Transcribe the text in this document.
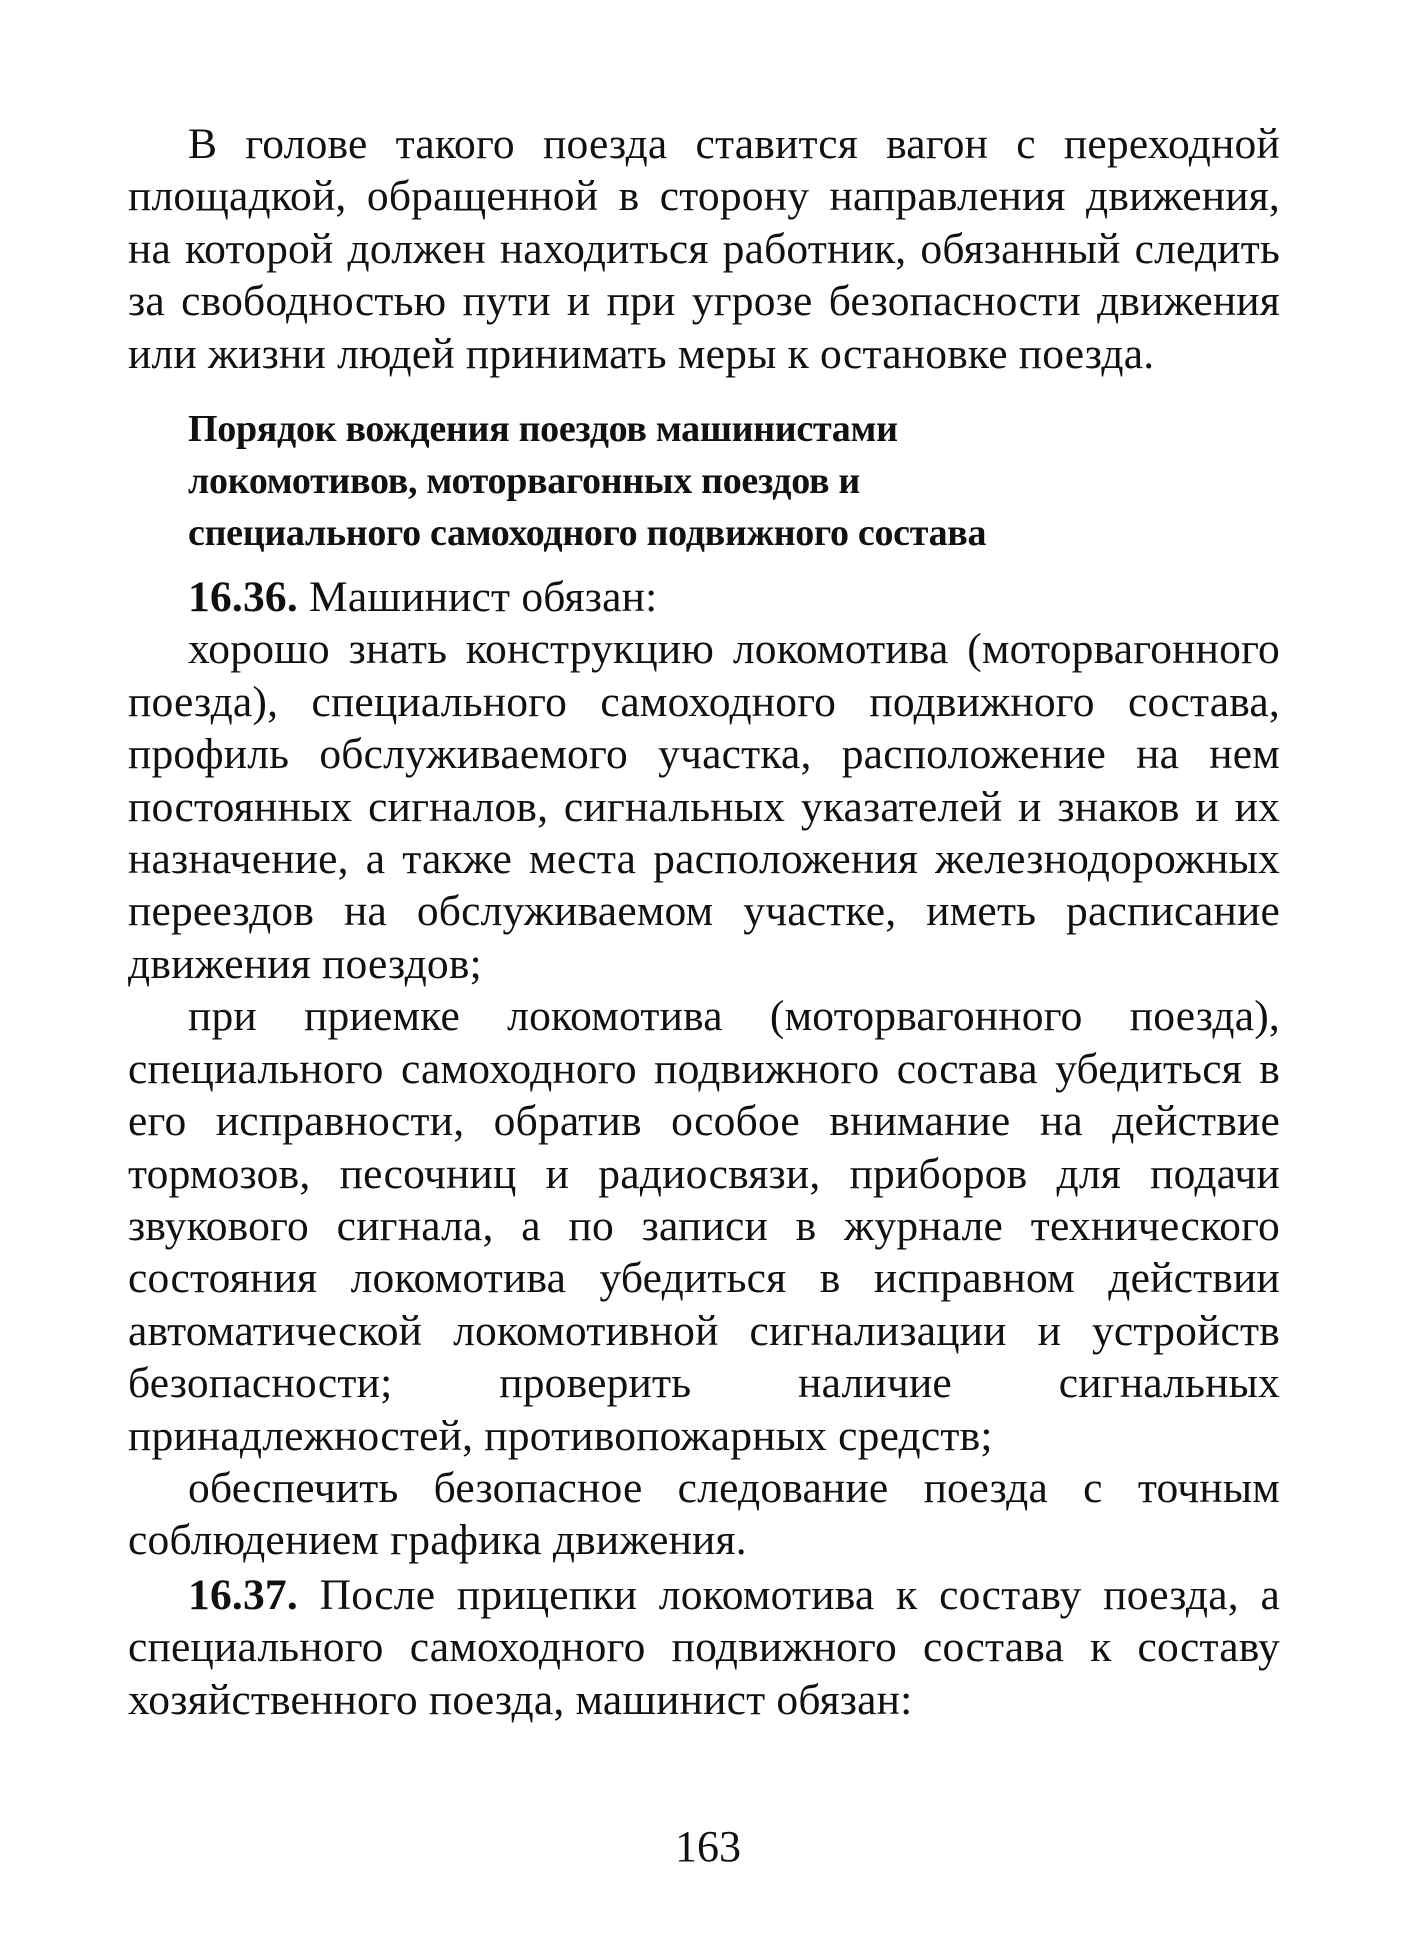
В голове такого поезда ставится вагон с переходной площадкой, обращенной в сторону направления движения, на которой должен находиться работник, обязанный следить за свободностью пути и при угрозе безопасности движения или жизни людей принимать меры к остановке поезда.

Порядок вождения поездов машинистами
локомотивов, моторвагонных поездов и
специального самоходного подвижного состава

16.36. Машинист обязан:

хорошо знать конструкцию локомотива (моторвагонного поезда), специального самоходного подвижного состава, профиль обслуживаемого участка, расположение на нем постоянных сигналов, сигнальных указателей и знаков и их назначение, а также места расположения железнодорожных переездов на обслуживаемом участке, иметь расписание движения поездов;

при приемке локомотива (моторвагонного поезда), специального самоходного подвижного состава убедиться в его исправности, обратив особое внимание на действие тормозов, песочниц и радиосвязи, приборов для подачи звукового сигнала, а по записи в журнале технического состояния локомотива убедиться в исправном действии автоматической локомотивной сигнализации и устройств безопасности; проверить наличие сигнальных принадлежностей, противопожарных средств;

обеспечить безопасное следование поезда с точным соблюдением графика движения.

16.37. После прицепки локомотива к составу поезда, а специального самоходного подвижного состава к составу хозяйственного поезда, машинист обязан:

163
